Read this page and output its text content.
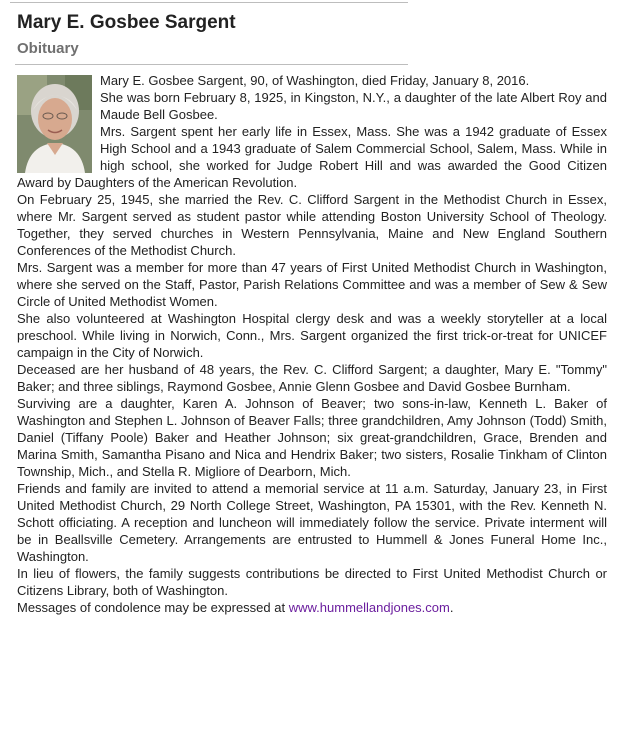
Mary E. Gosbee Sargent
Obituary

Mary E. Gosbee Sargent, 90, of Washington, died Friday, January 8, 2016.

She was born February 8, 1925, in Kingston, N.Y., a daughter of the late Albert Roy and Maude Bell Gosbee.

Mrs. Sargent spent her early life in Essex, Mass. She was a 1942 graduate of Essex High School and a 1943 graduate of Salem Commercial School, Salem, Mass. While in high school, she worked for Judge Robert Hill and was awarded the Good Citizen Award by Daughters of the American Revolution.

On February 25, 1945, she married the Rev. C. Clifford Sargent in the Methodist Church in Essex, where Mr. Sargent served as student pastor while attending Boston University School of Theology. Together, they served churches in Western Pennsylvania, Maine and New England Southern Conferences of the Methodist Church.

Mrs. Sargent was a member for more than 47 years of First United Methodist Church in Washington, where she served on the Staff, Pastor, Parish Relations Committee and was a member of Sew & Sew Circle of United Methodist Women.

She also volunteered at Washington Hospital clergy desk and was a weekly storyteller at a local preschool. While living in Norwich, Conn., Mrs. Sargent organized the first trick-or-treat for UNICEF campaign in the City of Norwich.

Deceased are her husband of 48 years, the Rev. C. Clifford Sargent; a daughter, Mary E. "Tommy" Baker; and three siblings, Raymond Gosbee, Annie Glenn Gosbee and David Gosbee Burnham.

Surviving are a daughter, Karen A. Johnson of Beaver; two sons-in-law, Kenneth L. Baker of Washington and Stephen L. Johnson of Beaver Falls; three grandchildren, Amy Johnson (Todd) Smith, Daniel (Tiffany Poole) Baker and Heather Johnson; six great-grandchildren, Grace, Brenden and Marina Smith, Samantha Pisano and Nica and Hendrix Baker; two sisters, Rosalie Tinkham of Clinton Township, Mich., and Stella R. Migliore of Dearborn, Mich.

Friends and family are invited to attend a memorial service at 11 a.m. Saturday, January 23, in First United Methodist Church, 29 North College Street, Washington, PA 15301, with the Rev. Kenneth N. Schott officiating. A reception and luncheon will immediately follow the service. Private interment will be in Beallsville Cemetery. Arrangements are entrusted to Hummell & Jones Funeral Home Inc., Washington.

In lieu of flowers, the family suggests contributions be directed to First United Methodist Church or Citizens Library, both of Washington.

Messages of condolence may be expressed at www.hummellandjones.com.
